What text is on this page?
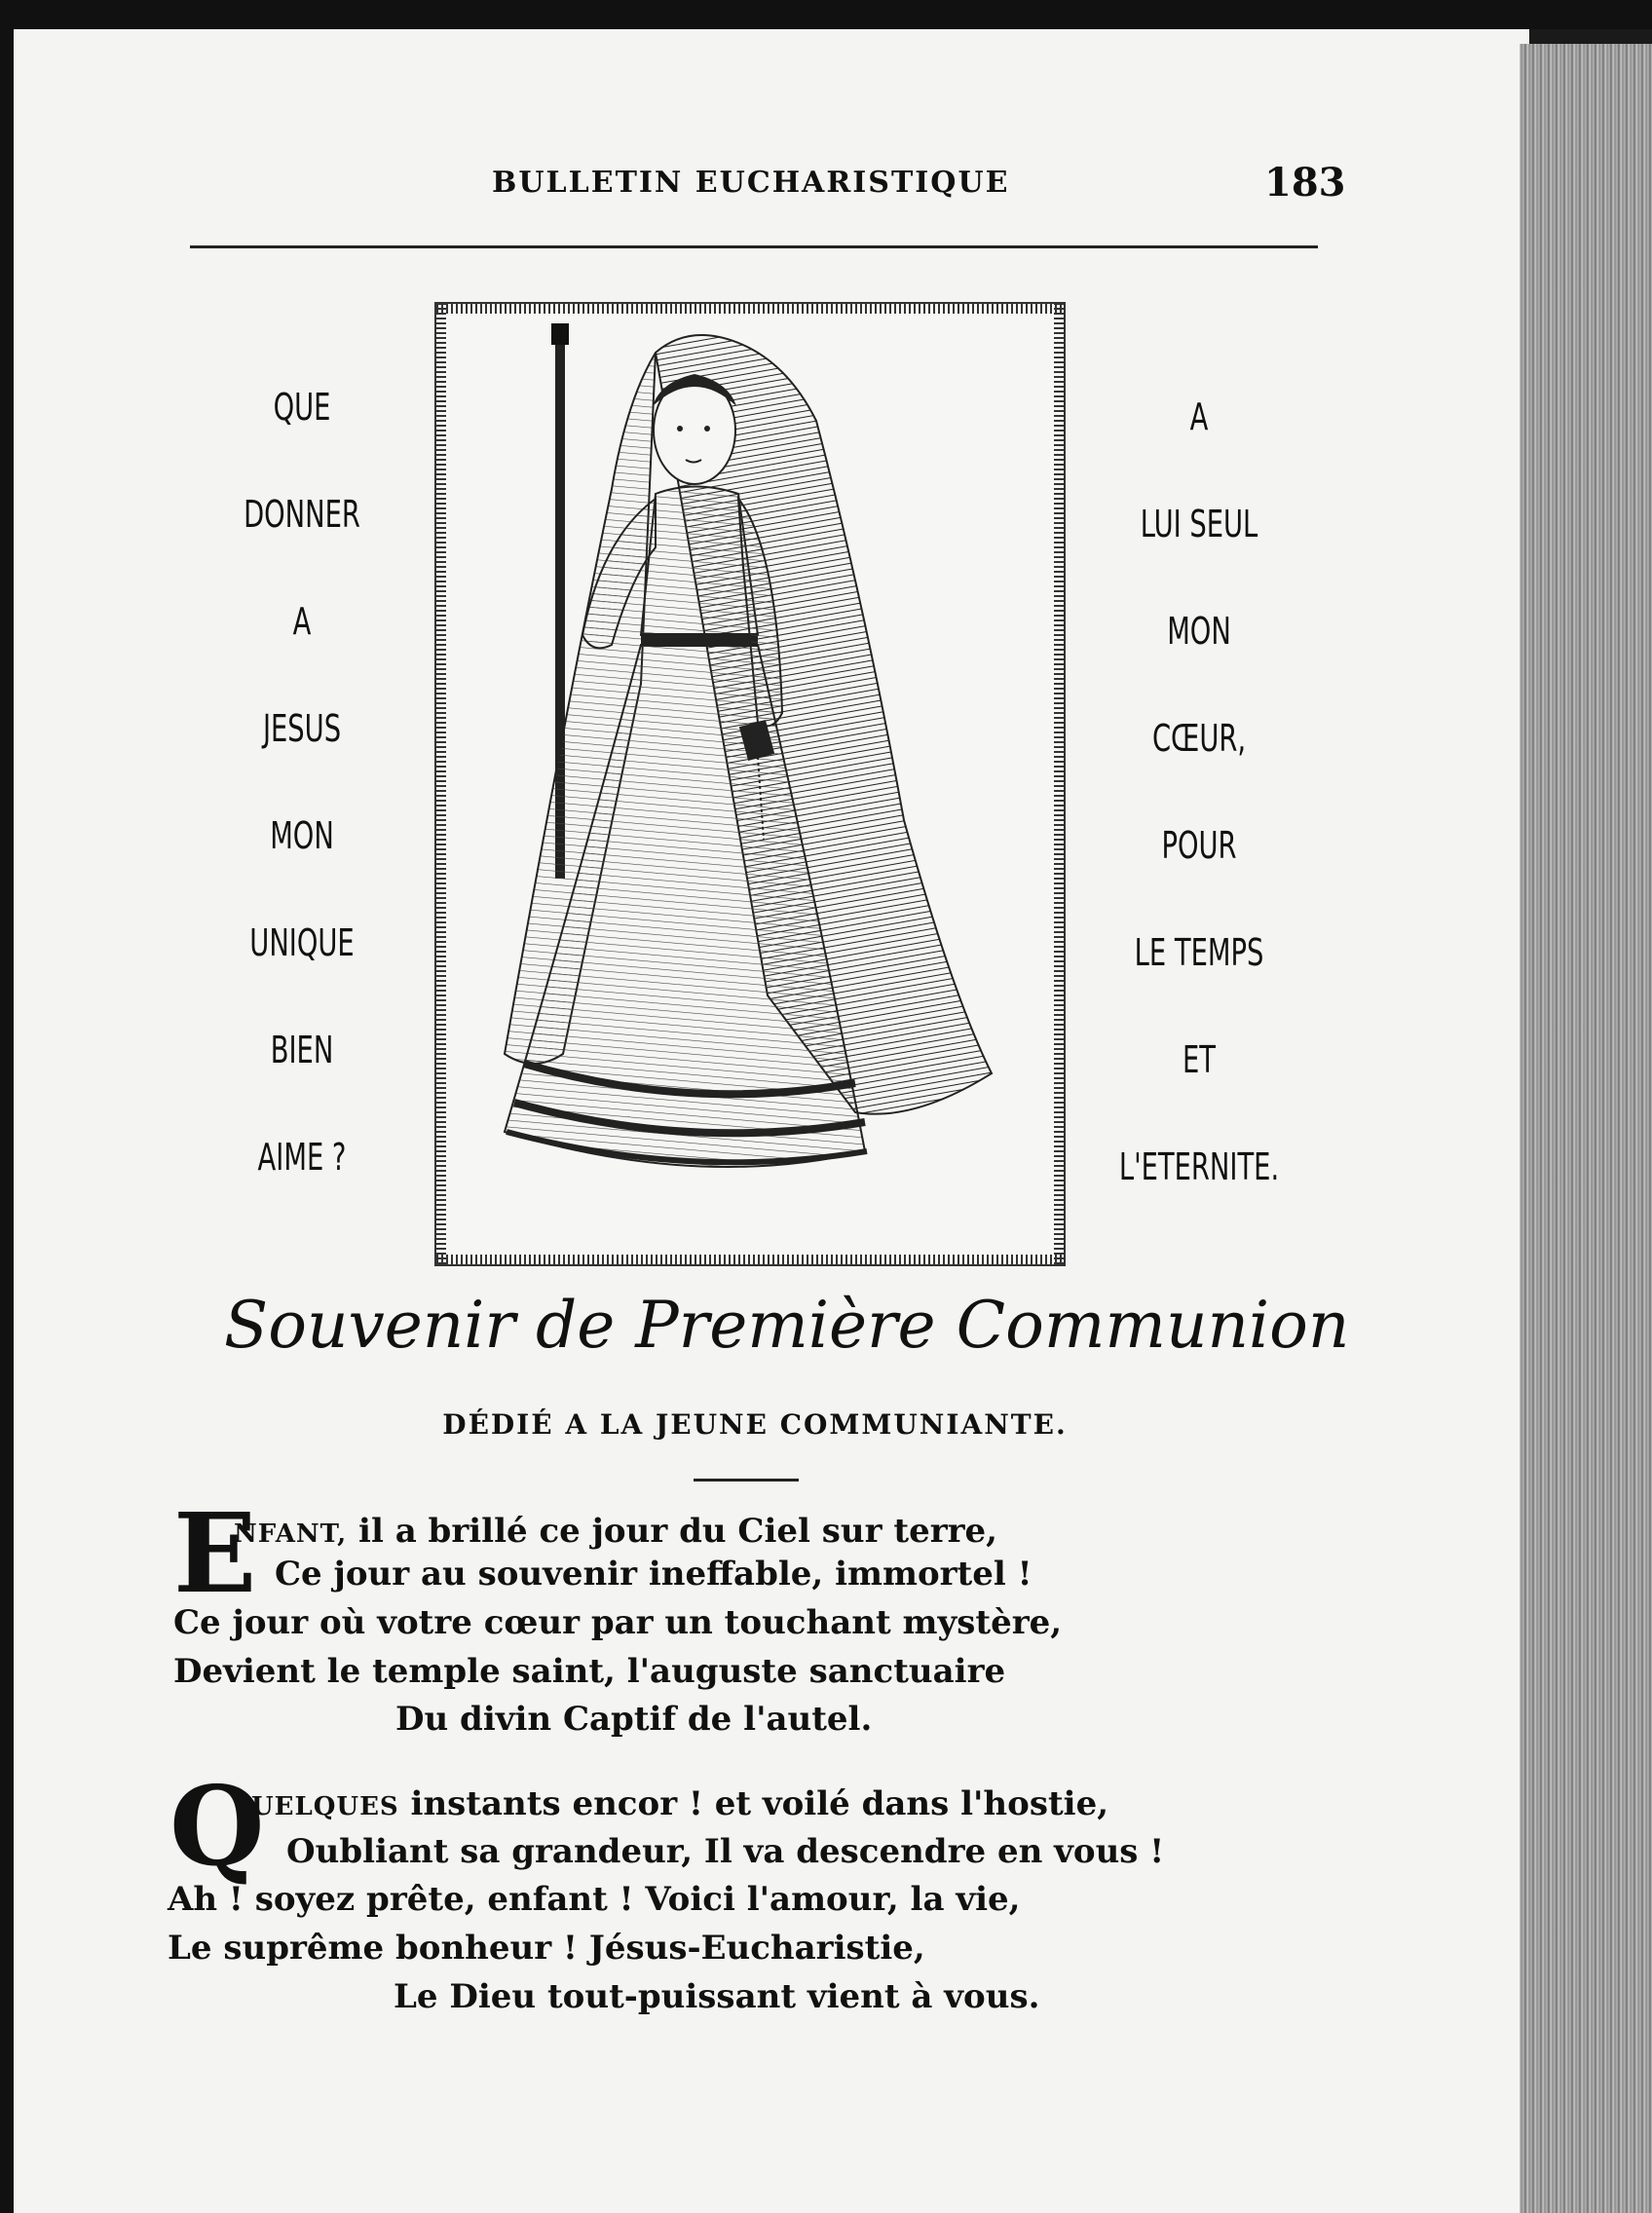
BULLETIN EUCHARISTIQUE	183
QUE
DONNER
A
JESUS
MON
UNIQUE
BIEN
AIME ?
A
LUI SEUL
MON
CŒUR,
POUR
LE TEMPS
ET
L'ETERNITE.
Souvenir de Première Communion
DÉDIÉ A LA JEUNE COMMUNIANTE.
E
NFANT, il a brillé ce jour du Ciel sur terre,
Ce jour au souvenir ineffable, immortel !
Ce jour où votre cœur par un touchant mystère,
Devient le temple saint, l'auguste sanctuaire
Du divin Captif de l'autel.
Q
UELQUES instants encor ! et voilé dans l'hostie,
Oubliant sa grandeur, Il va descendre en vous !
Ah ! soyez prête, enfant ! Voici l'amour, la vie,
Le suprême bonheur ! Jésus-Eucharistie,
Le Dieu tout-puissant vient à vous.
